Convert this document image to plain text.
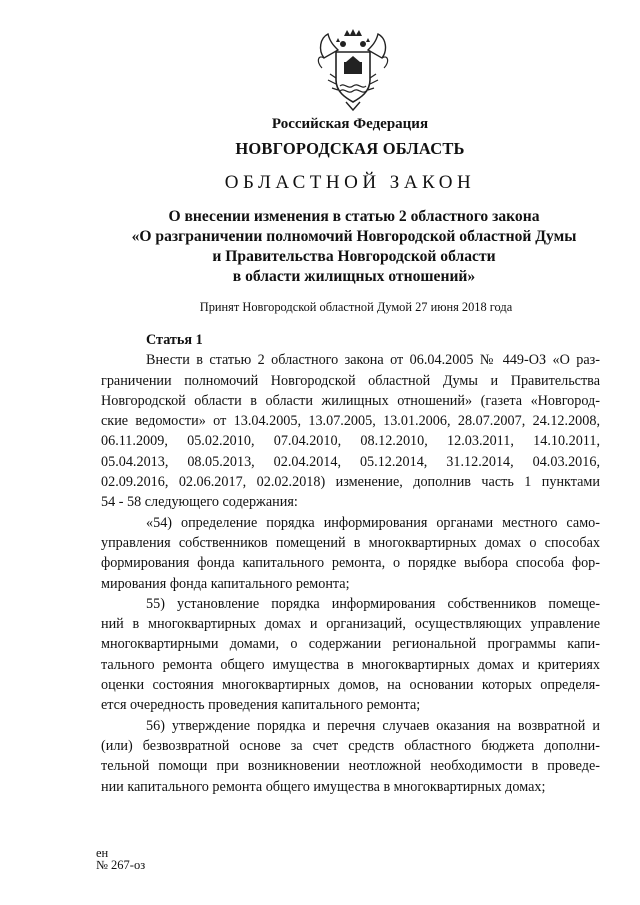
Российская Федерация
НОВГОРОДСКАЯ ОБЛАСТЬ
ОБЛАСТНОЙ ЗАКОН
О внесении изменения в статью 2 областного закона
«О разграничении полномочий Новгородской областной Думы
и Правительства Новгородской области
в области жилищных отношений»
Принят Новгородской областной Думой 27 июня 2018 года
Статья 1
Внести в статью 2 областного закона от 06.04.2005 № 449-ОЗ «О раз-
граничении полномочий Новгородской областной Думы и Правительства
Новгородской области в области жилищных отношений» (газета «Новгород-
ские ведомости» от 13.04.2005, 13.07.2005, 13.01.2006, 28.07.2007, 24.12.2008,
06.11.2009, 05.02.2010, 07.04.2010, 08.12.2010, 12.03.2011, 14.10.2011,
05.04.2013, 08.05.2013, 02.04.2014, 05.12.2014, 31.12.2014, 04.03.2016,
02.09.2016, 02.06.2017, 02.02.2018) изменение, дополнив часть 1 пунктами
54 - 58 следующего содержания:
«54) определение порядка информирования органами местного само-
управления собственников помещений в многоквартирных домах о способах
формирования фонда капитального ремонта, о порядке выбора способа фор-
мирования фонда капитального ремонта;
55) установление порядка информирования собственников помеще-
ний в многоквартирных домах и организаций, осуществляющих управление
многоквартирными домами, о содержании региональной программы капи-
тального ремонта общего имущества в многоквартирных домах и критериях
оценки состояния многоквартирных домов, на основании которых определя-
ется очередность проведения капитального ремонта;
56) утверждение порядка и перечня случаев оказания на возвратной и
(или) безвозвратной основе за счет средств областного бюджета дополни-
тельной помощи при возникновении неотложной необходимости в проведе-
нии капитального ремонта общего имущества в многоквартирных домах;
ен
№ 267-оз
